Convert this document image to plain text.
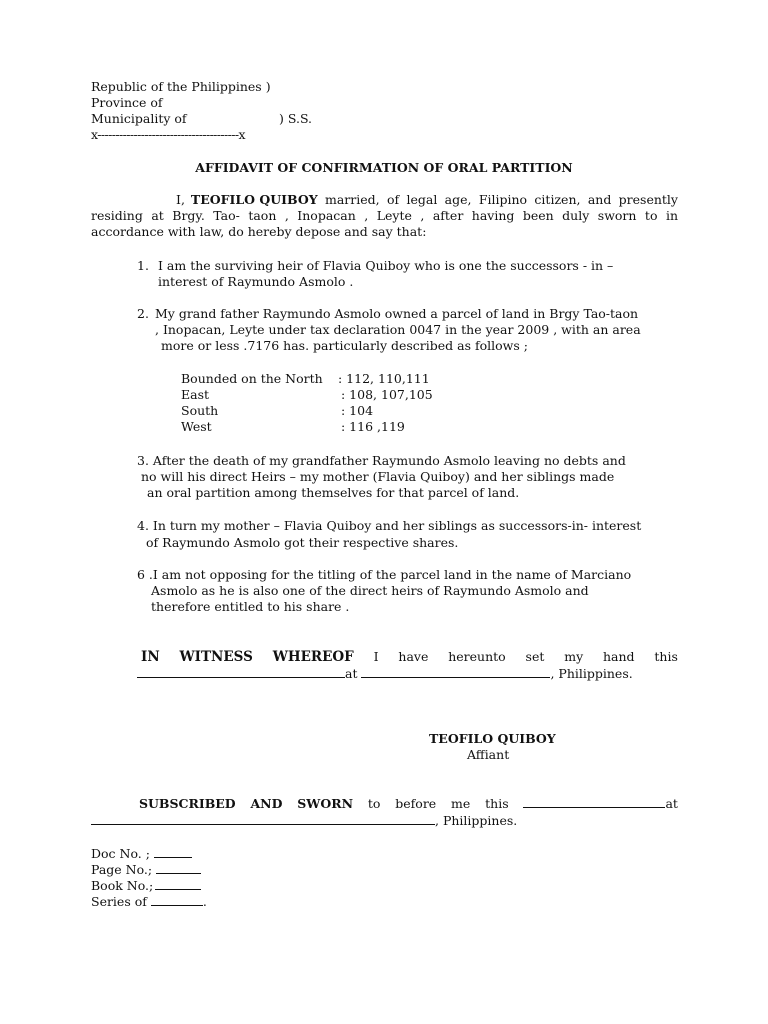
Republic of the Philippines )
Province of
Municipality of	) S.S.
x---------------------------------------x
AFFIDAVIT OF CONFIRMATION OF ORAL PARTITION
I, TEOFILO QUIBOY married, of legal age, Filipino citizen, and presently
residing at Brgy. Tao- taon , Inopacan , Leyte , after having been duly sworn to in
accordance with law, do hereby depose and say that:
1. I am the surviving heir of Flavia Quiboy who is one the successors - in –
interest of Raymundo Asmolo .
2. My grand father Raymundo Asmolo owned a parcel of land in Brgy Tao-taon
, Inopacan, Leyte under tax declaration 0047 in the year 2009 , with an area
more or less .7176 has. particularly described as follows ;
Bounded on the North : 112, 110,111
East	: 108, 107,105
South	: 104
West	: 116 ,119
3. After the death of my grandfather Raymundo Asmolo leaving no debts and
no will his direct Heirs – my mother (Flavia Quiboy) and her siblings made
an oral partition among themselves for that parcel of land.
4. In turn my mother – Flavia Quiboy and her siblings as successors-in- interest
of Raymundo Asmolo got their respective shares.
6 .I am not opposing for the titling of the parcel land in the name of Marciano
Asmolo as he is also one of the direct heirs of Raymundo Asmolo and
therefore entitled to his share .
IN WITNESS WHEREOF I have hereunto set my hand this
at	, Philippines.
TEOFILO QUIBOY
Affiant
SUBSCRIBED AND SWORN to before me this	at
, Philippines.
Doc No. ;
Page No.;
Book No.;
Series of	.
